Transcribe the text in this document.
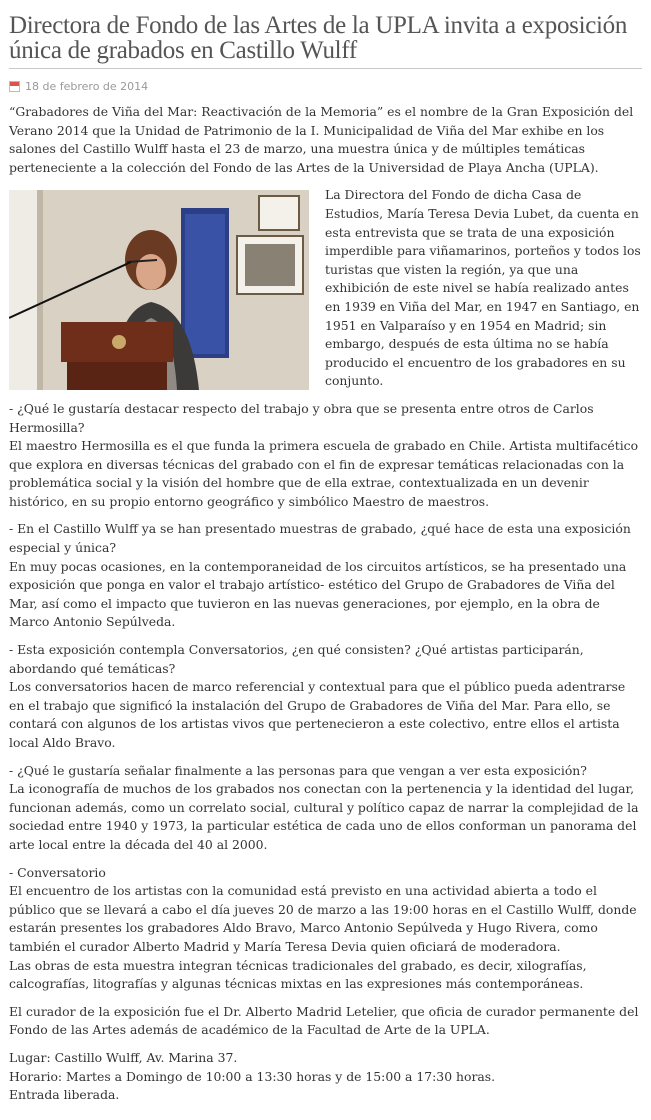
Directora de Fondo de las Artes de la UPLA invita a exposición única de grabados en Castillo Wulff
18 de febrero de 2014

“Grabadores de Viña del Mar: Reactivación de la Memoria” es el nombre de la Gran Exposición del Verano 2014 que la Unidad de Patrimonio de la I. Municipalidad de Viña del Mar exhibe en los salones del Castillo Wulff hasta el 23 de marzo, una muestra única y de múltiples temáticas perteneciente a la colección del Fondo de las Artes de la Universidad de Playa Ancha (UPLA).

La Directora del Fondo de dicha Casa de Estudios, María Teresa Devia Lubet, da cuenta en esta entrevista que se trata de una exposición imperdible para viñamarinos, porteños y todos los turistas que visten la región, ya que una exhibición de este nivel se había realizado antes en 1939 en Viña del Mar, en 1947 en Santiago, en 1951 en Valparaíso y en 1954 en Madrid; sin embargo, después de esta última no se había producido el encuentro de los grabadores en su conjunto.

- ¿Qué le gustaría destacar respecto del trabajo y obra que se presenta entre otros de Carlos Hermosilla?

El maestro Hermosilla es el que funda la primera escuela de grabado en Chile. Artista multifacético que explora en diversas técnicas del grabado con el fin de expresar temáticas relacionadas con la problemática social y la visión del hombre que de ella extrae, contextualizada en un devenir histórico, en su propio entorno geográfico y simbólico Maestro de maestros.

- En el Castillo Wulff ya se han presentado muestras de grabado, ¿qué hace de esta una exposición especial y única?

En muy pocas ocasiones, en la contemporaneidad de los circuitos artísticos, se ha presentado una exposición que ponga en valor el trabajo artístico- estético del Grupo de Grabadores de Viña del Mar, así como el impacto que tuvieron en las nuevas generaciones, por ejemplo, en la obra de Marco Antonio Sepúlveda.

- Esta exposición contempla Conversatorios, ¿en qué consisten? ¿Qué artistas participarán, abordando qué temáticas?

Los conversatorios hacen de marco referencial y contextual para que el público pueda adentrarse en el trabajo que significó la instalación del Grupo de Grabadores de Viña del Mar. Para ello, se contará con algunos de los artistas vivos que pertenecieron a este colectivo, entre ellos el artista local Aldo Bravo.

- ¿Qué le gustaría señalar finalmente a las personas para que vengan a ver esta exposición?

La iconografía de muchos de los grabados nos conectan con la pertenencia y la identidad del lugar, funcionan además, como un correlato social, cultural y político capaz de narrar la complejidad de la sociedad entre 1940 y 1973, la particular estética de cada uno de ellos conforman un panorama del arte local entre la década del 40 al 2000.

- Conversatorio

El encuentro de los artistas con la comunidad está previsto en una actividad abierta a todo el público que se llevará a cabo el día jueves 20 de marzo a las 19:00 horas en el Castillo Wulff, donde estarán presentes los grabadores Aldo Bravo, Marco Antonio Sepúlveda y Hugo Rivera, como también el curador Alberto Madrid y María Teresa Devia quien oficiará de moderadora.

Las obras de esta muestra integran técnicas tradicionales del grabado, es decir, xilografías, calcografías, litografías y algunas técnicas mixtas en las expresiones más contemporáneas.

El curador de la exposición fue el Dr. Alberto Madrid Letelier, que oficia de curador permanente del Fondo de las Artes además de académico de la Facultad de Arte de la UPLA.

Lugar: Castillo Wulff, Av. Marina 37.

Horario: Martes a Domingo de 10:00 a 13:30 horas y de 15:00 a 17:30 horas.

Entrada liberada.
